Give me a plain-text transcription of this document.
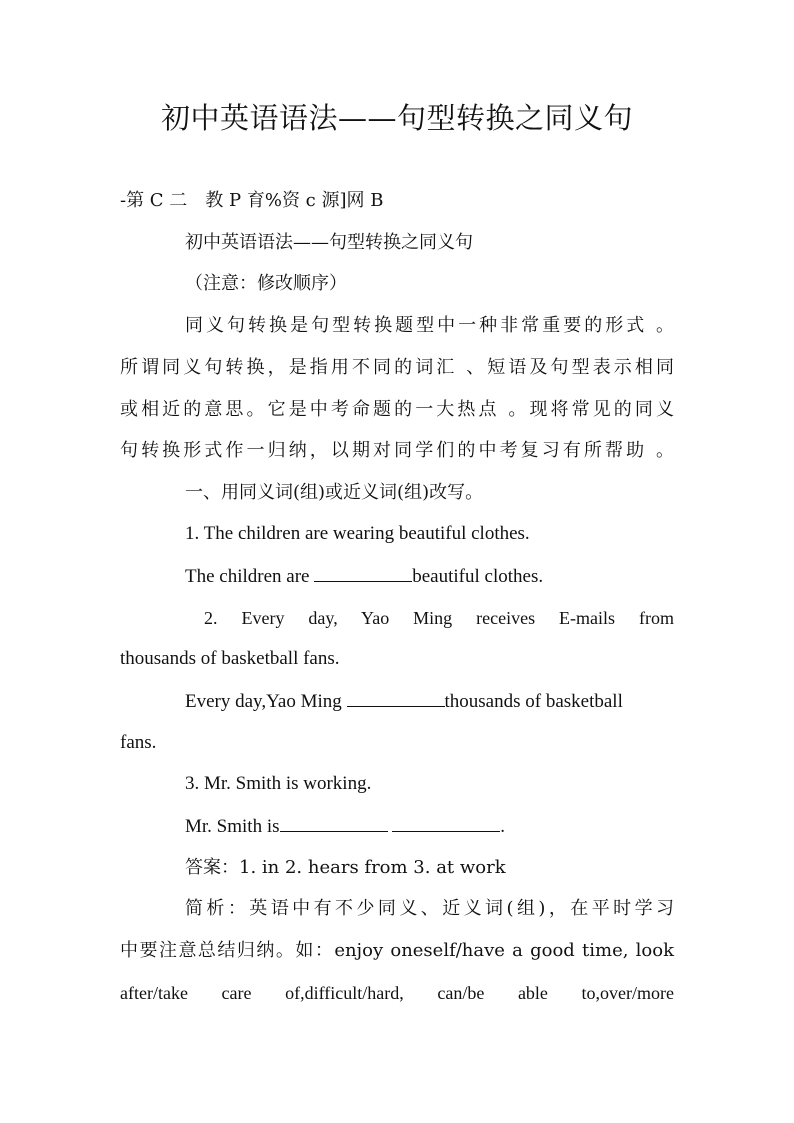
初中英语语法——句型转换之同义句
-第 C 二　教 P 育%资 c 源]网 B
初中英语语法——句型转换之同义句
（注意：修改顺序）
同义句转换是句型转换题型中一种非常重要的形式 。
所谓同义句转换，是指用不同的词汇 、短语及句型表示相同
或相近的意思。它是中考命题的一大热点 。现将常见的同义
句转换形式作一归纳，以期对同学们的中考复习有所帮助 。
一、用同义词(组)或近义词(组)改写。
1. The children are wearing beautiful clothes.
The children are	beautiful clothes.
2. Every day, Yao Ming receives E-mails from
thousands of basketball fans.
Every day,Yao Ming	thousands of basketball
fans.
3. Mr. Smith is working.
Mr. Smith is	.
答案：1. in 2. hears from 3. at work
简析：英语中有不少同义、近义词(组)，在平时学习
中要注意总结归纳。如：enjoy oneself/have a good time, look
after/take care of,difficult/hard, can/be able to,over/more
